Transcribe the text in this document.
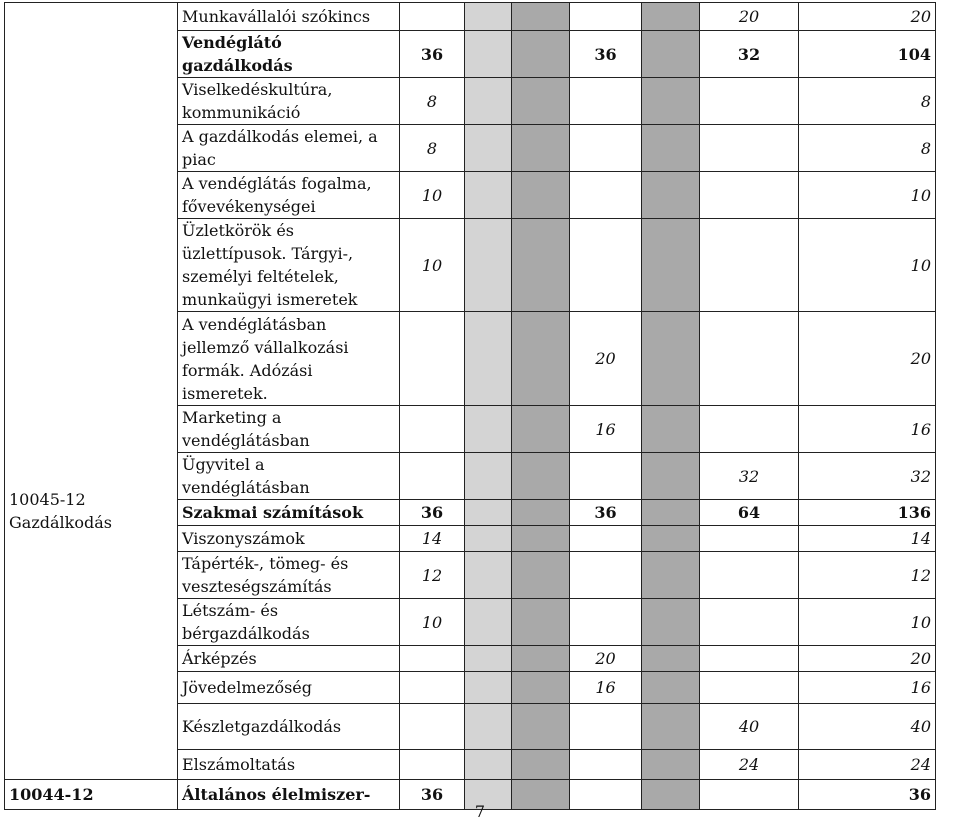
10045-12
Gazdálkodás	Munkavállalói szókincs						20	20
	Vendéglátó gazdálkodás	36			36		32	104
	Viselkedéskultúra, kommunikáció	8						8
	A gazdálkodás elemei, a piac	8						8
	A vendéglátás fogalma, fővevékenységei	10						10
	Üzletkörök és üzlettípusok. Tárgyi-, személyi feltételek, munkaügyi ismeretek	10						10
	A vendéglátásban jellemző vállalkozási formák. Adózási ismeretek.				20			20
	Marketing a vendéglátásban				16			16
	Ügyvitel a vendéglátásban						32	32
	Szakmai számítások	36			36		64	136
	Viszonyszámok	14						14
	Tápérték-, tömeg- és veszteségszámítás	12						12
	Létszám- és bérgazdálkodás	10						10
	Árképzés				20			20
	Jövedelmezőség				16			16
	Készletgazdálkodás						40	40
	Elszámoltatás						24	24
10044-12	Általános élelmiszer-	36						36
7
